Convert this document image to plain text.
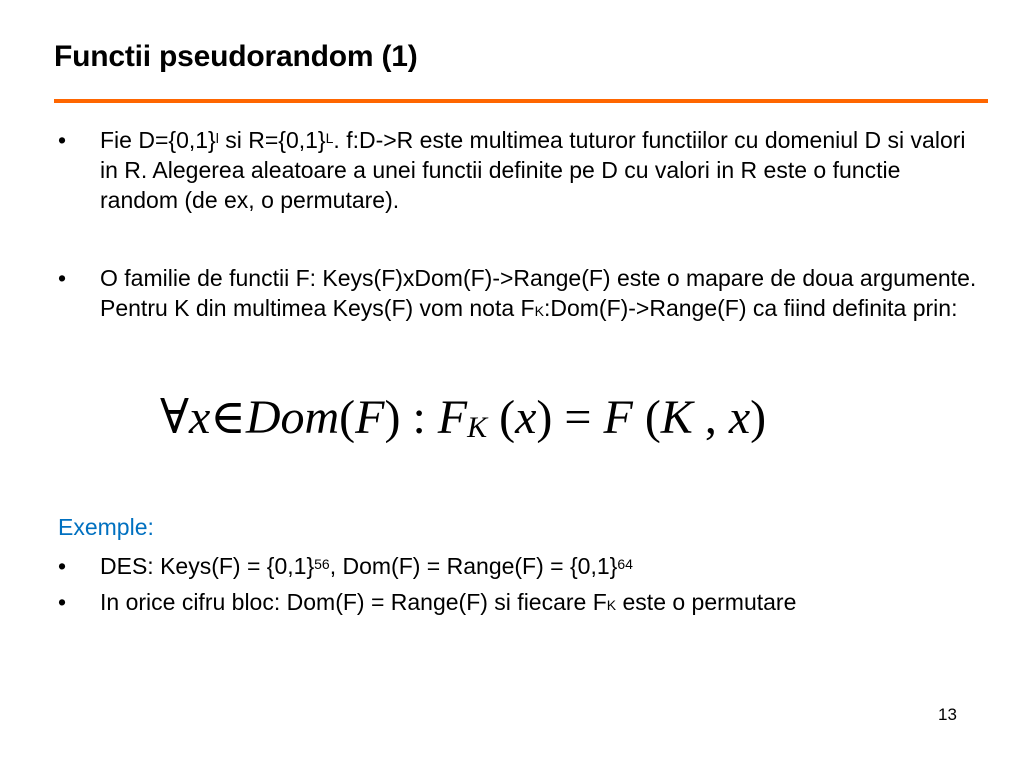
Functii pseudorandom (1)
•	Fie $D=\{0,1\}^l$ si $R=\{0,1\}^L$. f:D->R este multimea tuturor functiilor cu domeniul D si valori in R. Alegerea aleatoare a unei functii definite pe D cu valori in R este o functie random (de ex, o permutare).
•	O familie de functii F: Keys(F)xDom(F)->Range(F) este o mapare de doua argumente. Pentru K din multimea Keys(F) vom nota $F_K:Dom(F)->Range(F)$ ca fiind definita prin:
∀x∈Dom(F) : $F_K$ (x) = F (K , x)
Exemple:
•	DES: Keys(F) = $\{0,1\}^{56}$, Dom(F) = Range(F) = $\{0,1\}^{64}$
•	In orice cifru bloc: Dom(F) = Range(F) si fiecare $F_K$ este o permutare
13
